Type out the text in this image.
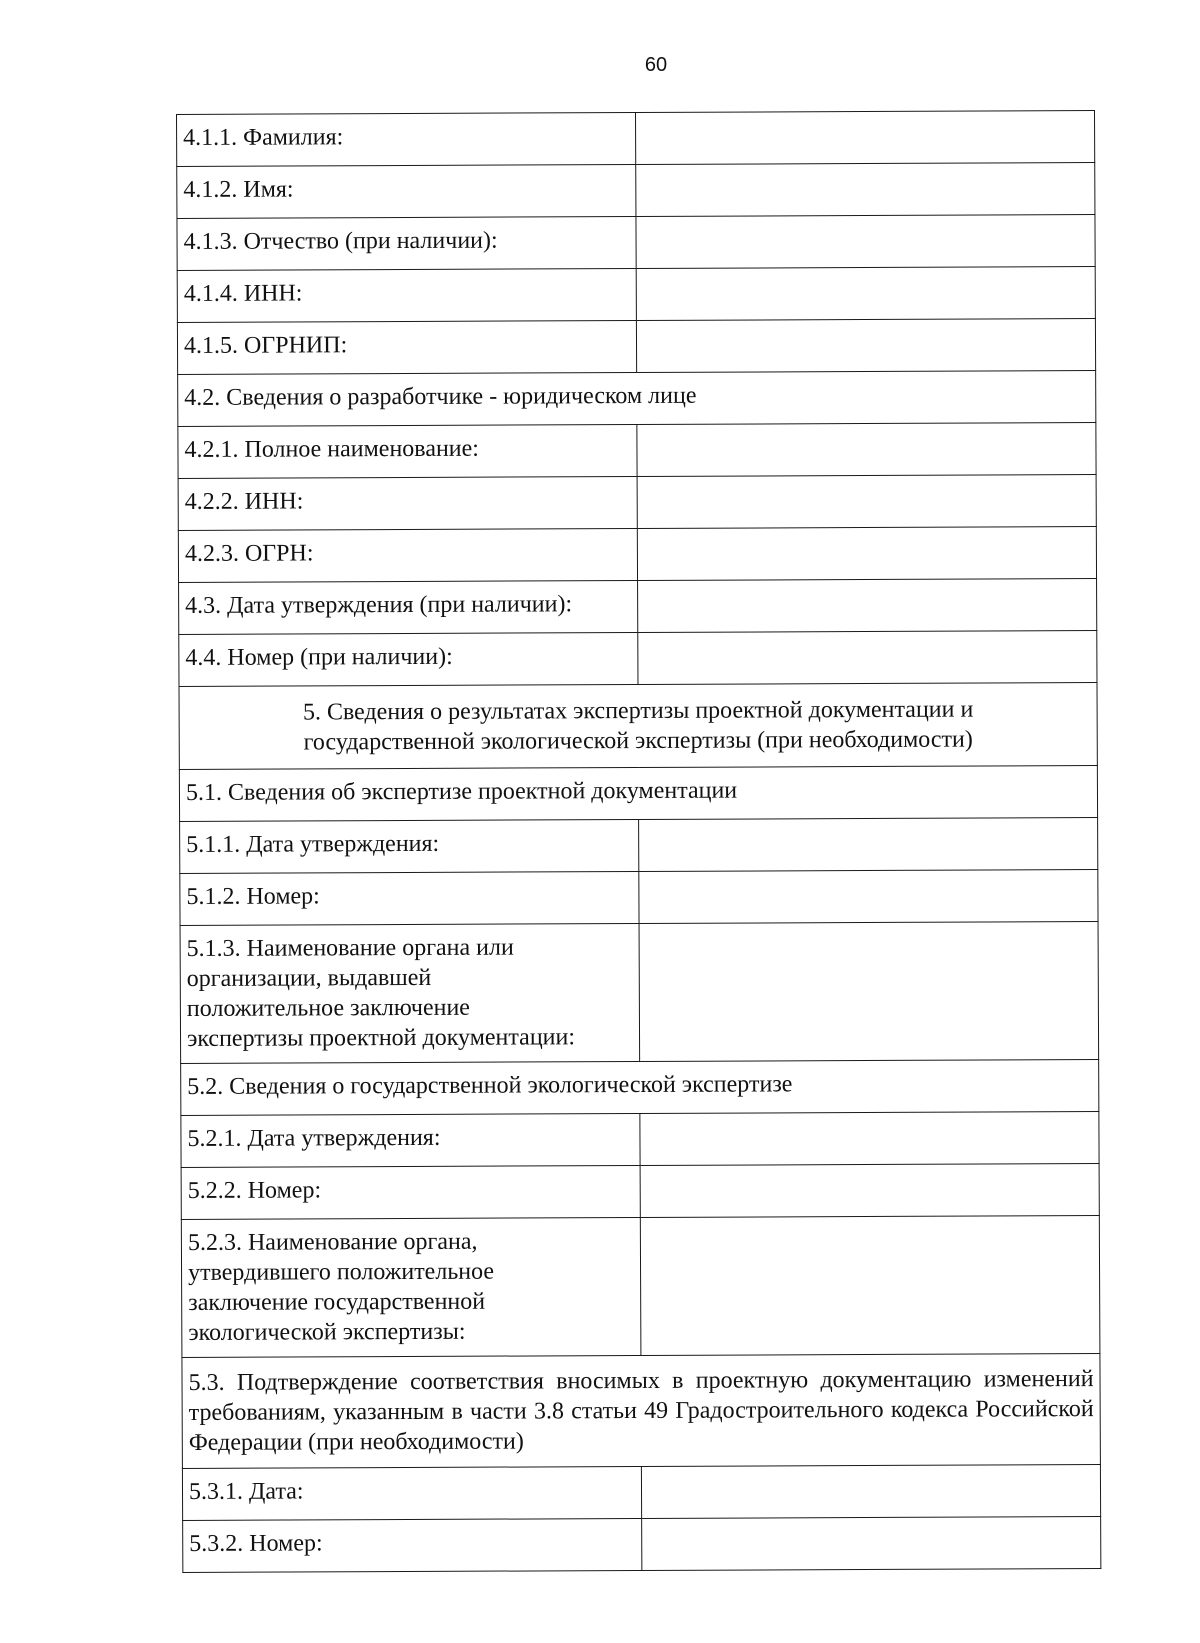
60
4.1.1. Фамилия:	
4.1.2. Имя:	
4.1.3. Отчество (при наличии):	
4.1.4. ИНН:	
4.1.5. ОГРНИП:	
4.2. Сведения о разработчике - юридическом лице	
4.2.1. Полное наименование:	
4.2.2. ИНН:	
4.2.3. ОГРН:	
4.3. Дата утверждения (при наличии):	
4.4. Номер (при наличии):	

5. Сведения о результатах экспертизы проектной документации и
государственной экологической экспертизы (при необходимости)	

5.1. Сведения об экспертизе проектной документации	
5.1.1. Дата утверждения:	
5.1.2. Номер:	

5.1.3. Наименование органа или
организации, выдавшей
положительное заключение
экспертизы проектной документации:	

5.2. Сведения о государственной экологической экспертизе	
5.2.1. Дата утверждения:	
5.2.2. Номер:	

5.2.3. Наименование органа,
утвердившего положительное
заключение государственной
экологической экспертизы:	

5.3. Подтверждение соответствия вносимых в проектную документацию изменений требованиям, указанным в части 3.8 статьи 49 Градостроительного кодекса Российской Федерации (при необходимости)	
5.3.1. Дата:	
5.3.2. Номер:	
